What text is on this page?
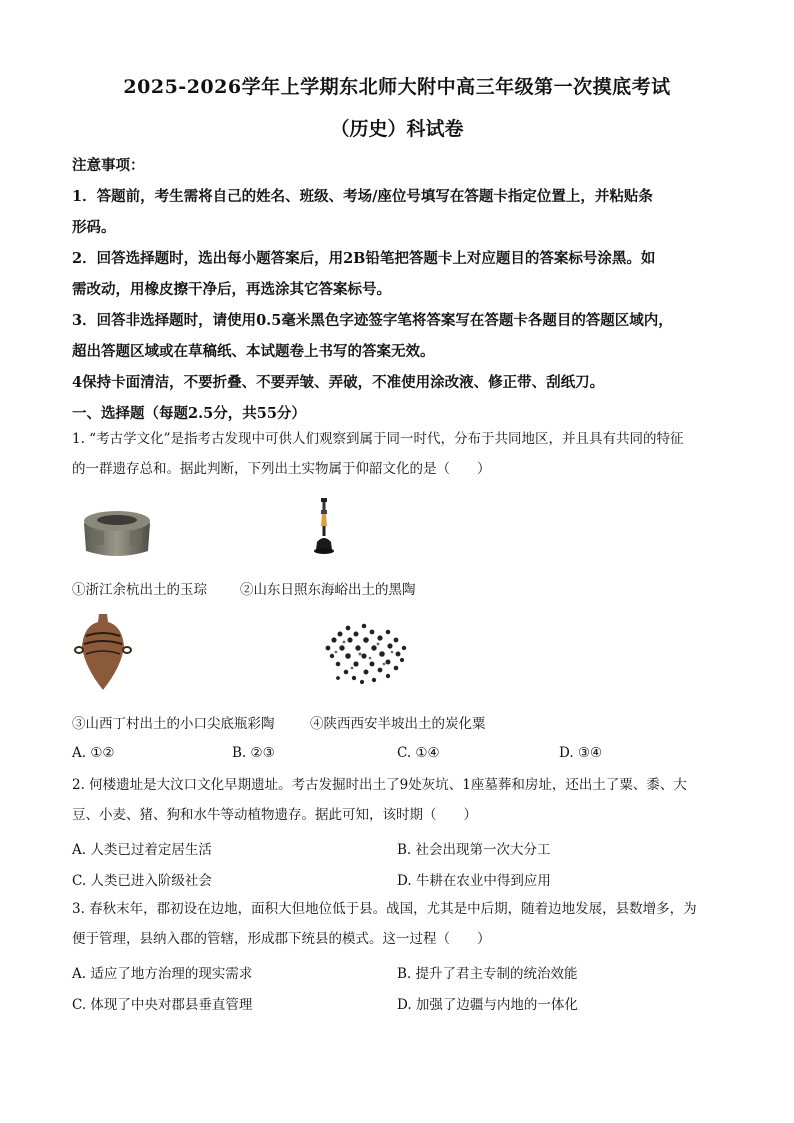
2025-2026学年上学期东北师大附中高三年级第一次摸底考试
（历史）科试卷

注意事项：

1．答题前，考生需将自己的姓名、班级、考场/座位号填写在答题卡指定位置上，并粘贴条

形码。

2．回答选择题时，选出每小题答案后，用2B铅笔把答题卡上对应题目的答案标号涂黑。如

需改动，用橡皮擦干净后，再选涂其它答案标号。

3．回答非选择题时，请使用0.5毫米黑色字迹签字笔将答案写在答题卡各题目的答题区域内，

超出答题区域或在草稿纸、本试题卷上书写的答案无效。

4保持卡面清洁，不要折叠、不要弄皱、弄破，不准使用涂改液、修正带、刮纸刀。

一、选择题（每题2.5分，共55分）

1. “考古学文化”是指考古发现中可供人们观察到属于同一时代，分布于共同地区，并且具有共同的特征

的一群遗存总和。据此判断，下列出土实物属于仰韶文化的是（　　）

①浙江余杭出土的玉琮 ②山东日照东海峪出土的黑陶
③山西丁村出土的小口尖底瓶彩陶	④陕西西安半坡出土的炭化粟
A. ①②	B. ②③	C. ①④	D. ③④

2. 何楼遗址是大汶口文化早期遗址。考古发掘时出土了9处灰坑、1座墓葬和房址，还出土了粟、黍、大

豆、小麦、猪、狗和水牛等动植物遗存。据此可知，该时期（　　）

A. 人类已过着定居生活	B. 社会出现第一次大分工
C. 人类已进入阶级社会	D. 牛耕在农业中得到应用

3. 春秋末年，郡初设在边地，面积大但地位低于县。战国，尤其是中后期，随着边地发展，县数增多，为

便于管理，县纳入郡的管辖，形成郡下统县的模式。这一过程（　　）

A. 适应了地方治理的现实需求	B. 提升了君主专制的统治效能
C. 体现了中央对郡县垂直管理	D. 加强了边疆与内地的一体化
